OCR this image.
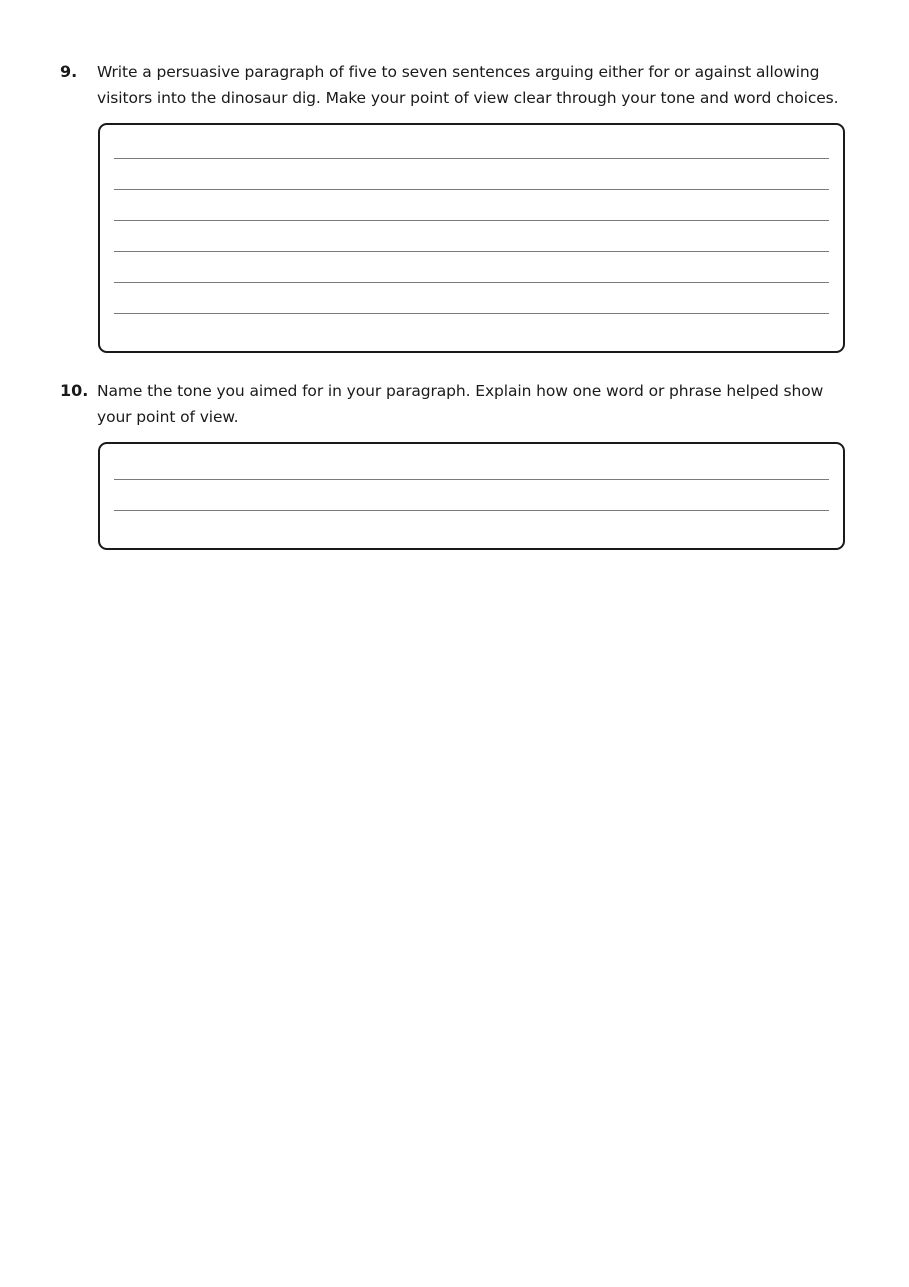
9.	Write a persuasive paragraph of five to seven sentences arguing either for or against allowing visitors into the dinosaur dig. Make your point of view clear through your tone and word choices.
10. Name the tone you aimed for in your paragraph. Explain how one word or phrase helped show your point of view.
